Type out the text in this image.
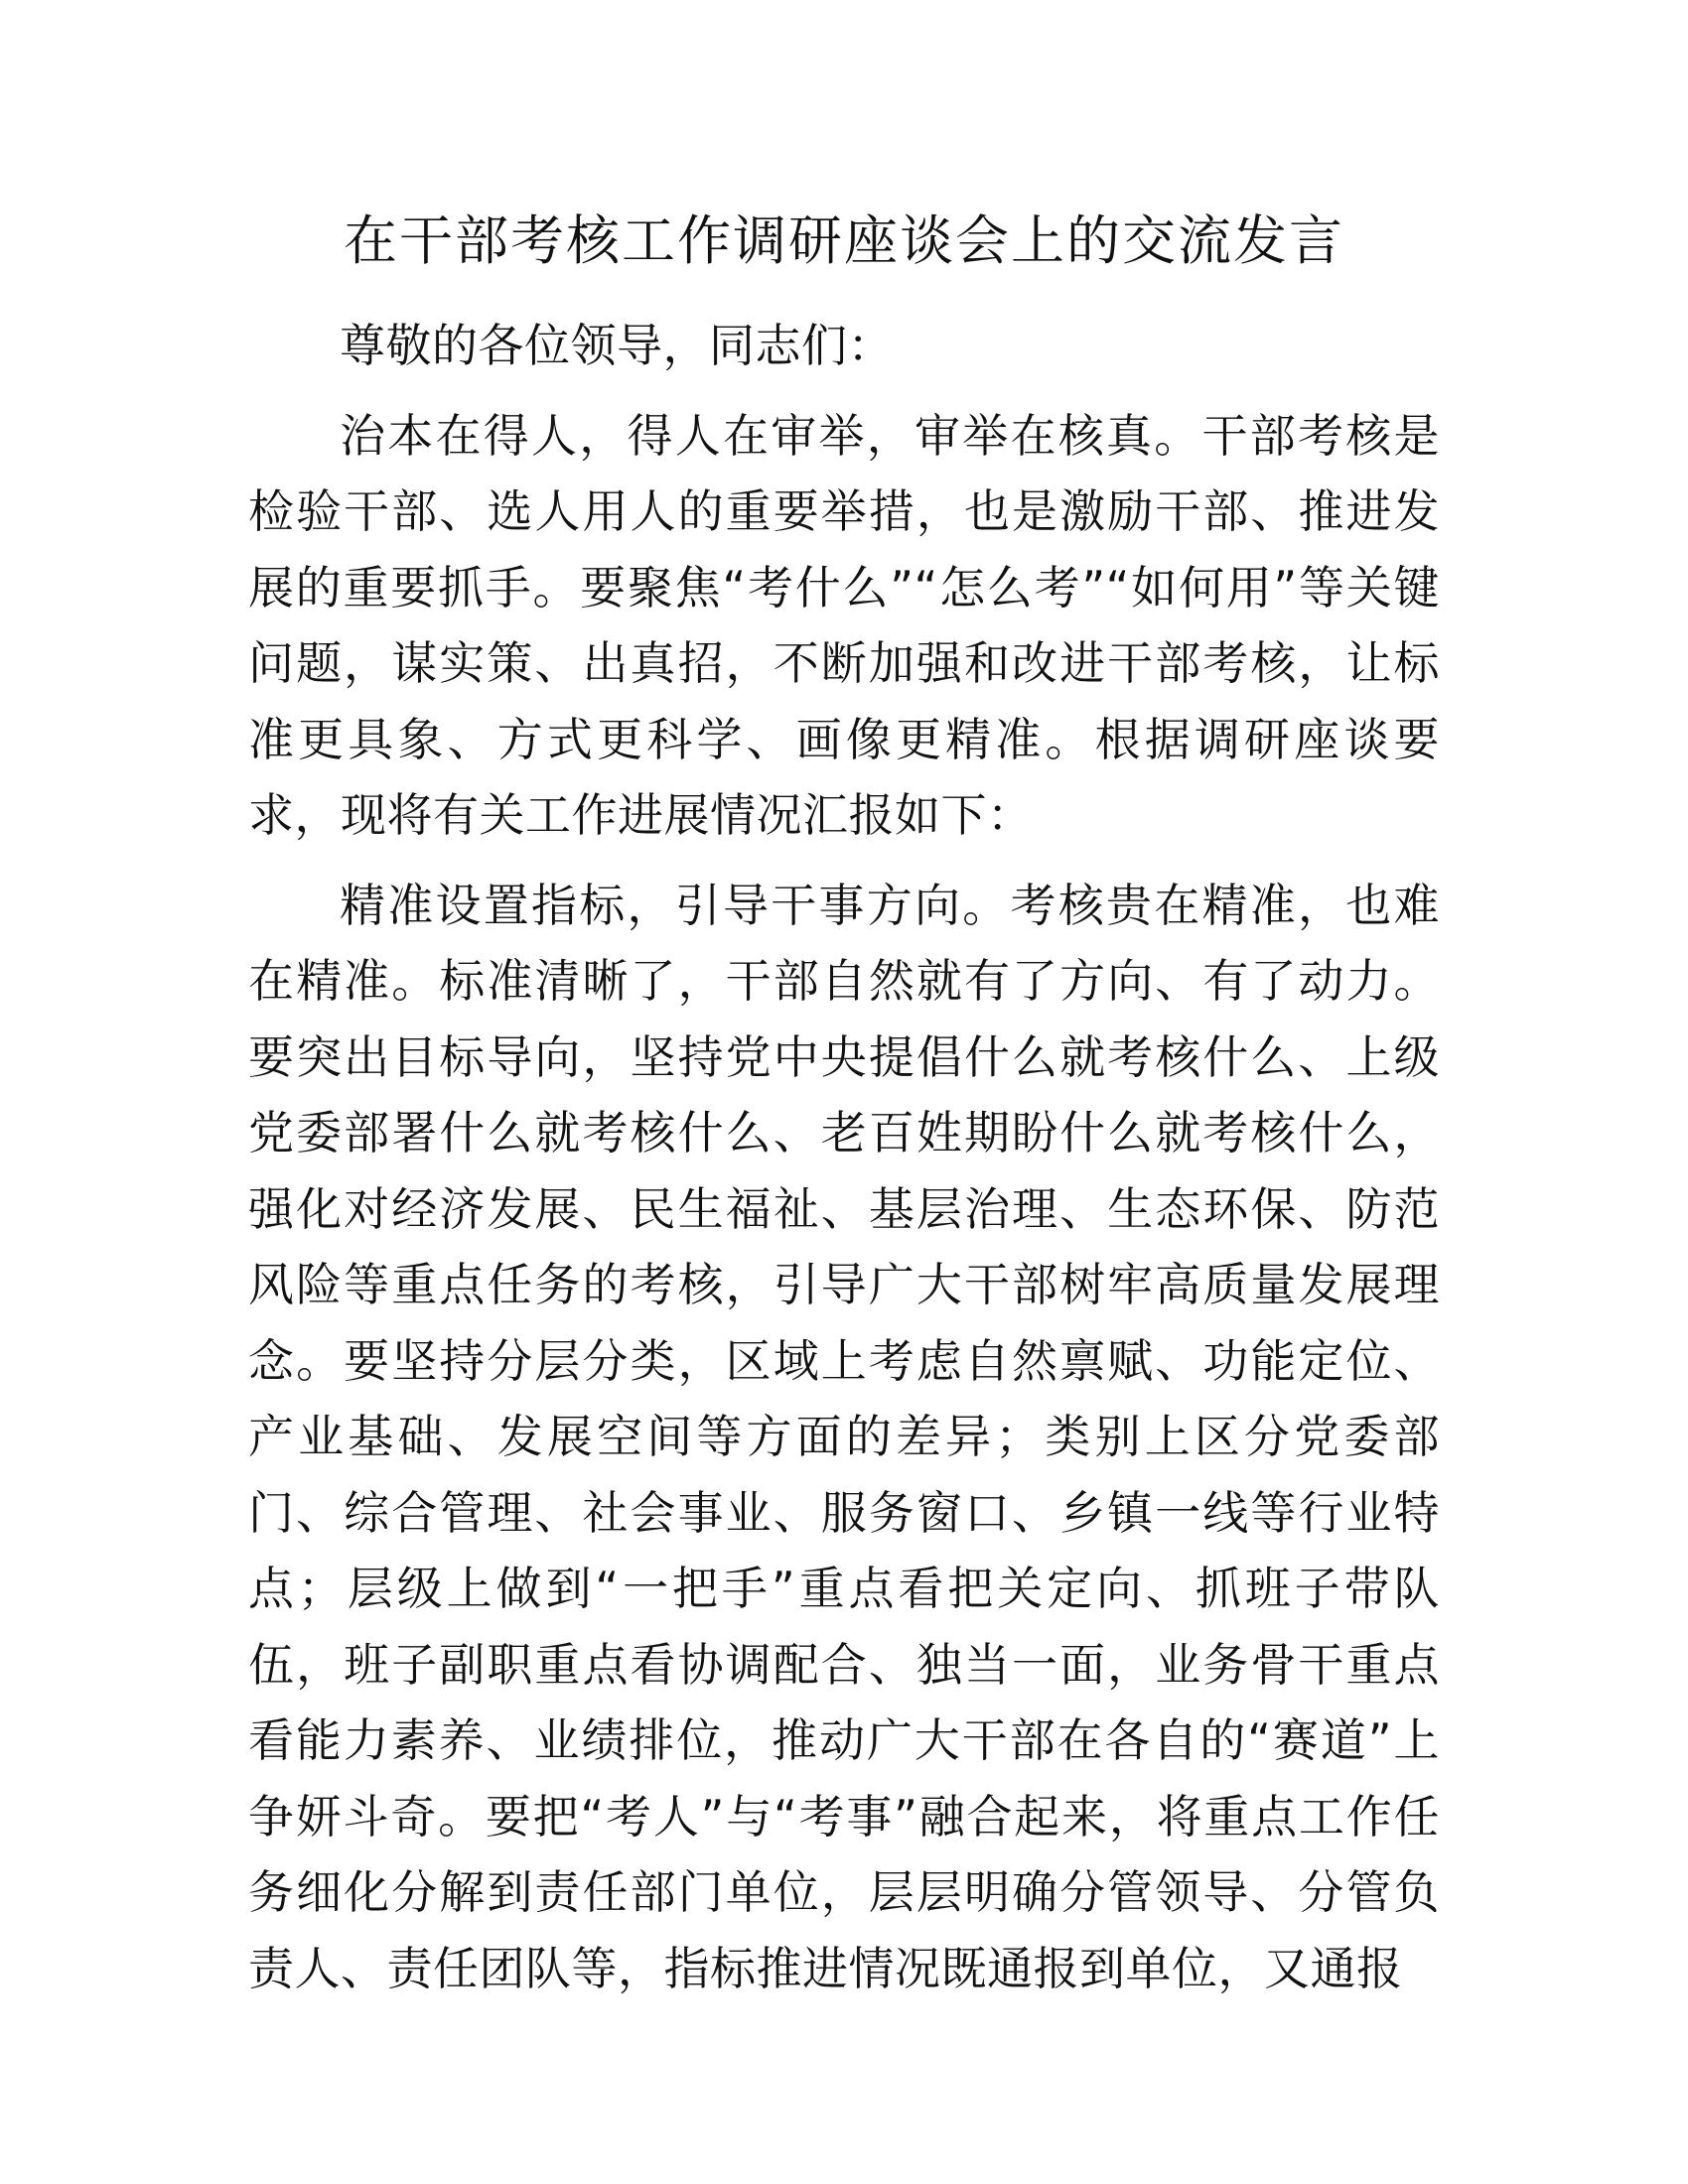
在干部考核工作调研座谈会上的交流发言

尊敬的各位领导，同志们：

治本在得人，得人在审举，审举在核真。干部考核是检验干部、选人用人的重要举措，也是激励干部、推进发展的重要抓手。要聚焦“考什么”“怎么考”“如何用”等关键问题，谋实策、出真招，不断加强和改进干部考核，让标准更具象、方式更科学、画像更精准。根据调研座谈要求，现将有关工作进展情况汇报如下：

精准设置指标，引导干事方向。考核贵在精准，也难在精准。标准清晰了，干部自然就有了方向、有了动力。要突出目标导向，坚持党中央提倡什么就考核什么、上级党委部署什么就考核什么、老百姓期盼什么就考核什么，强化对经济发展、民生福祉、基层治理、生态环保、防范风险等重点任务的考核，引导广大干部树牢高质量发展理念。要坚持分层分类，区域上考虑自然禀赋、功能定位、产业基础、发展空间等方面的差异；类别上区分党委部门、综合管理、社会事业、服务窗口、乡镇一线等行业特点；层级上做到“一把手”重点看把关定向、抓班子带队伍，班子副职重点看协调配合、独当一面，业务骨干重点看能力素养、业绩排位，推动广大干部在各自的“赛道”上争妍斗奇。要把“考人”与“考事”融合起来，将重点工作任务细化分解到责任部门单位，层层明确分管领导、分管负责人、责任团队等，指标推进情况既通报到单位，又通报
